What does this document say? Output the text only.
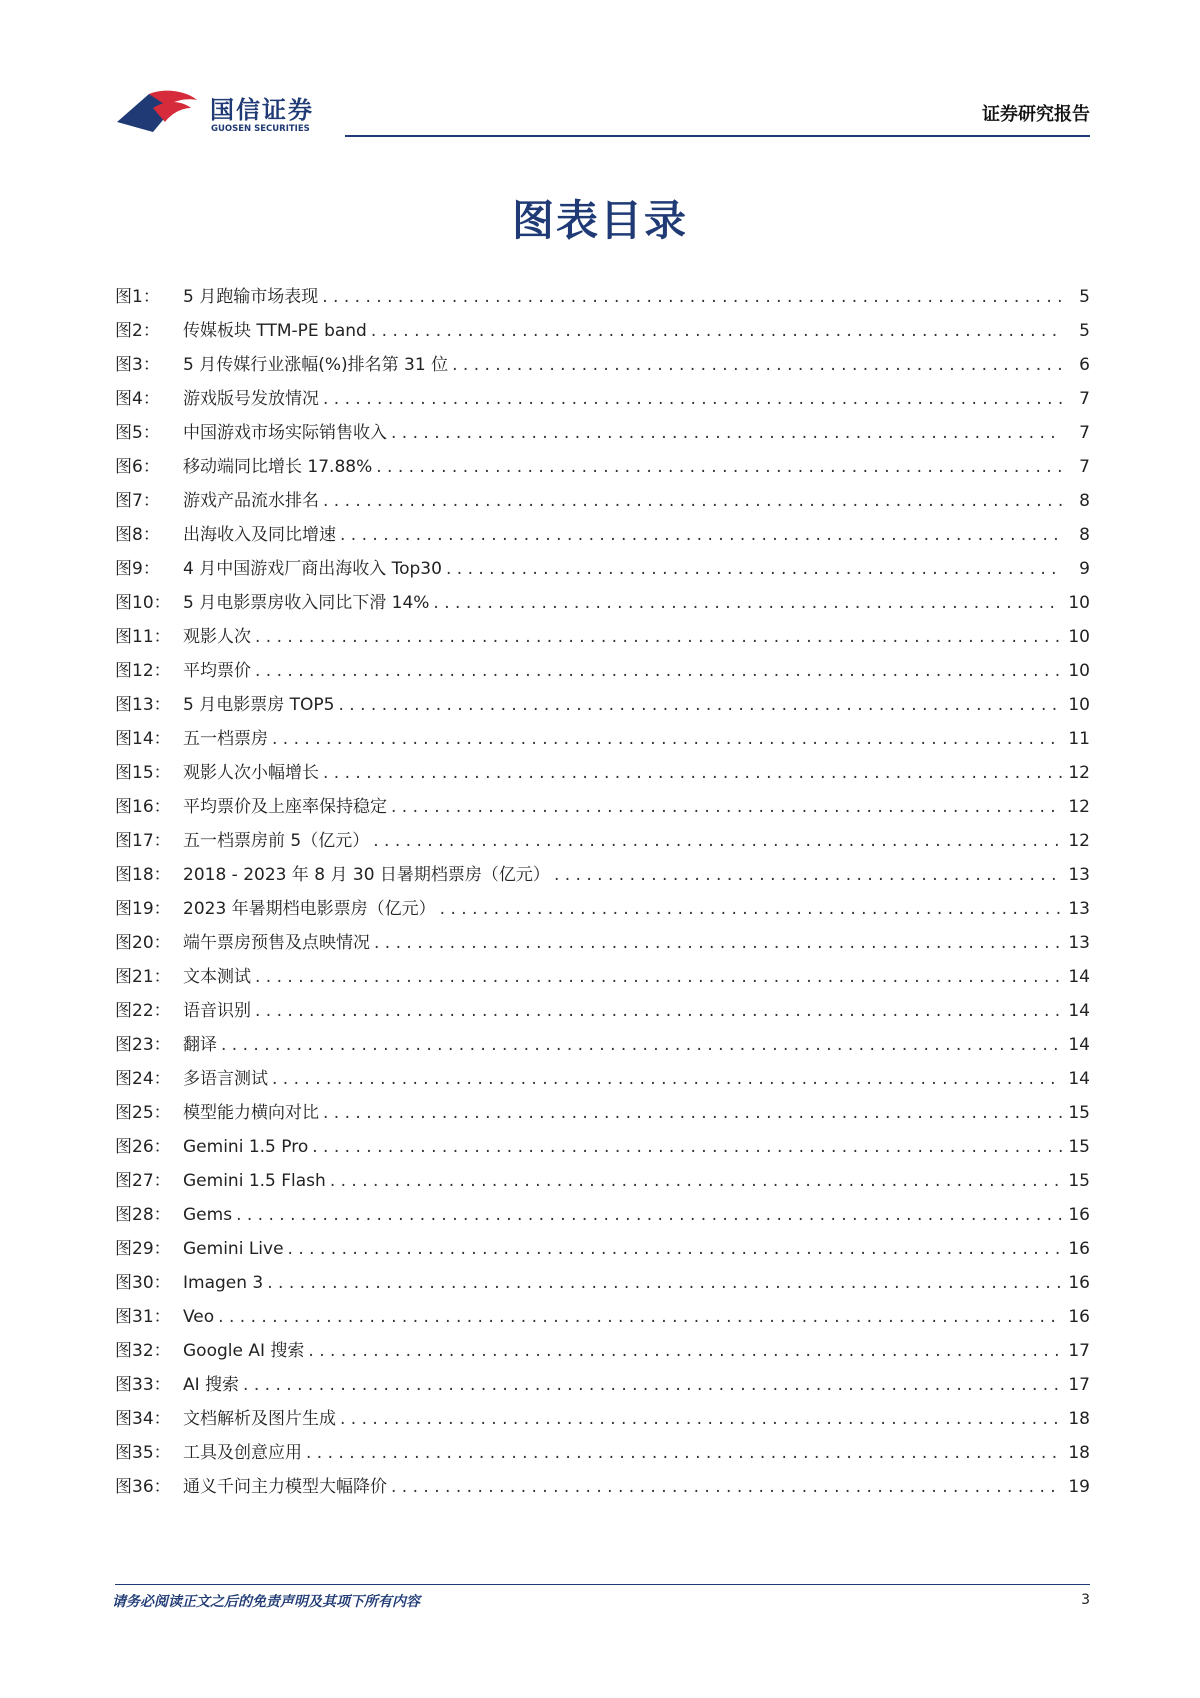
国信证券
GUOSEN SECURITIES
证券研究报告
图表目录
图1：	5 月跑输市场表现 . . .	5
图2：	传媒板块 TTM-PE band . . .	5
图3：	5 月传媒行业涨幅(%)排名第 31 位 . . .	6
图4：	游戏版号发放情况 . . .	7
图5：	中国游戏市场实际销售收入 . . .	7
图6：	移动端同比增长 17.88% . . .	7
图7：	游戏产品流水排名 . . .	8
图8：	出海收入及同比增速 . . .	8
图9：	4 月中国游戏厂商出海收入 Top30 . . .	9
图10： 5 月电影票房收入同比下滑 14% . . .	10
图11： 观影人次 . . .	10
图12： 平均票价 . . .	10
图13： 5 月电影票房 TOP5 . . .	10
图14： 五一档票房 . . .	11
图15： 观影人次小幅增长 . . .	12
图16： 平均票价及上座率保持稳定 . . .	12
图17： 五一档票房前 5（亿元） . . .	12
图18： 2018 - 2023 年 8 月 30 日暑期档票房（亿元） . . .	13
图19： 2023 年暑期档电影票房（亿元） . . .	13
图20： 端午票房预售及点映情况 . . .	13
图21： 文本测试 . . .	14
图22： 语音识别 . . .	14
图23： 翻译 . . .	14
图24： 多语言测试 . . .	14
图25： 模型能力横向对比 . . .	15
图26： Gemini 1.5 Pro . . .	15
图27： Gemini 1.5 Flash . . .	15
图28： Gems . . .	16
图29： Gemini Live . . .	16
图30： Imagen 3 . . .	16
图31： Veo . . .	16
图32： Google AI 搜索 . . .	17
图33： AI 搜索 . . .	17
图34： 文档解析及图片生成 . . .	18
图35： 工具及创意应用 . . .	18
图36： 通义千问主力模型大幅降价 . . .	19
请务必阅读正文之后的免责声明及其项下所有内容	3
